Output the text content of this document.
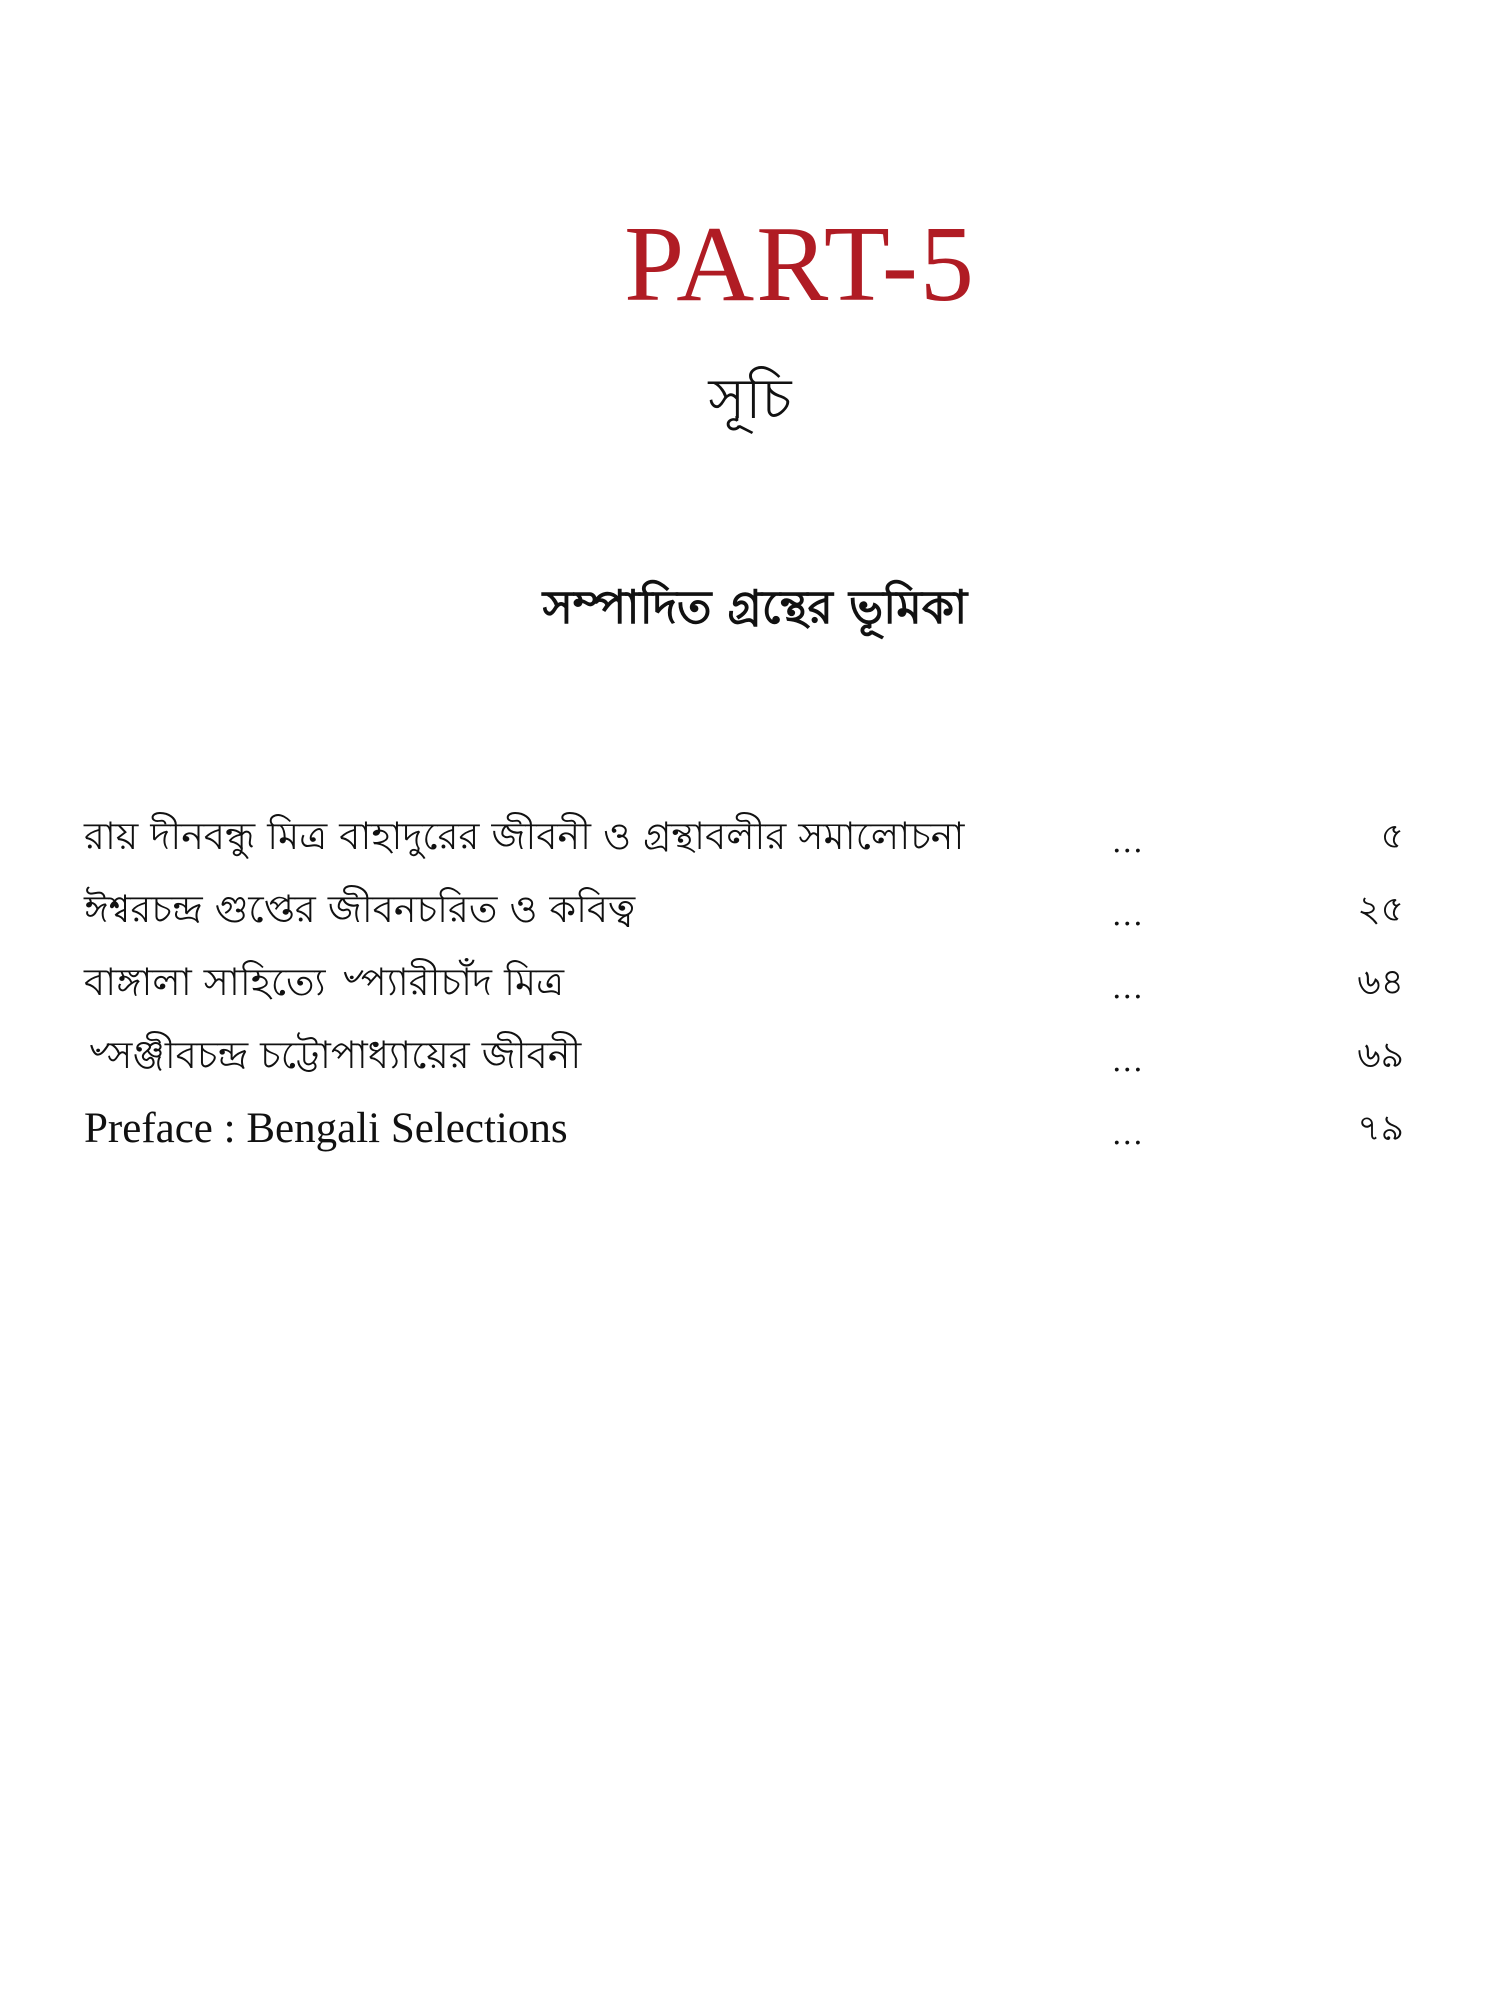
PART-5
সূচি
সম্পাদিত গ্রন্থের ভূমিকা
রায় দীনবন্ধু মিত্র বাহাদুরের জীবনী ও গ্রন্থাবলীর সমালোচনা	...	৫
ঈশ্বরচন্দ্র গুপ্তের জীবনচরিত ও কবিত্ব	...	২৫
বাঙ্গালা সাহিত্যে ৺প্যারীচাঁদ মিত্র	...	৬৪
৺সঞ্জীবচন্দ্র চট্টোপাধ্যায়ের জীবনী	...	৬৯
Preface : Bengali Selections	...	৭৯
